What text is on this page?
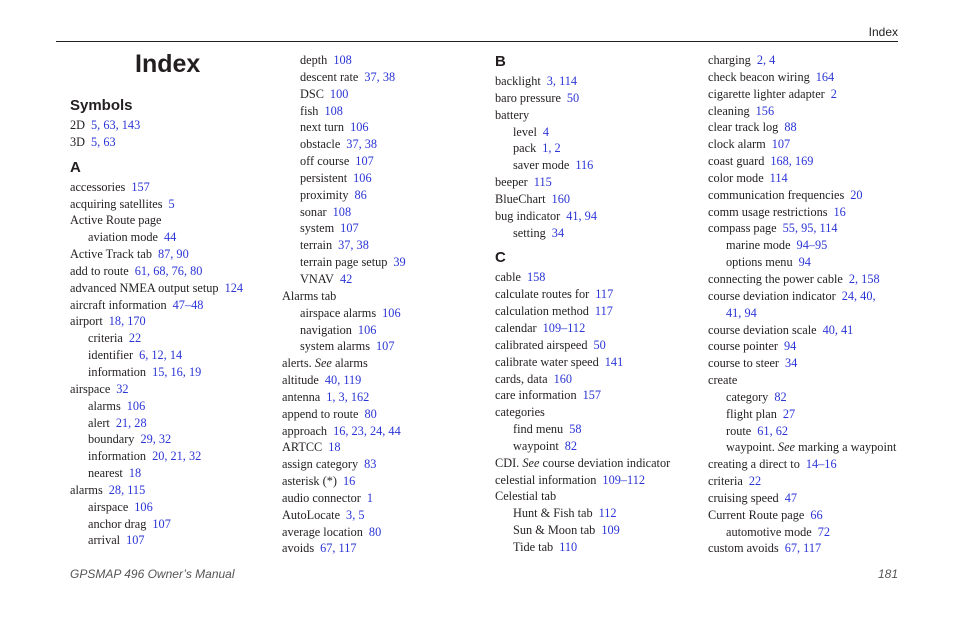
Index
Index
Symbols
2D 5, 63, 143
3D 5, 63
A
accessories 157
acquiring satellites 5
Active Route page
aviation mode 44
Active Track tab 87, 90
add to route 61, 68, 76, 80
advanced NMEA output setup 124
aircraft information 47–48
airport 18, 170
criteria 22
identifier 6, 12, 14
information 15, 16, 19
airspace 32
alarms 106
alert 21, 28
boundary 29, 32
information 20, 21, 32
nearest 18
alarms 28, 115
airspace 106
anchor drag 107
arrival 107
depth 108
descent rate 37, 38
DSC 100
fish 108
next turn 106
obstacle 37, 38
off course 107
persistent 106
proximity 86
sonar 108
system 107
terrain 37, 38
terrain page setup 39
VNAV 42
Alarms tab
airspace alarms 106
navigation 106
system alarms 107
alerts. See alarms
altitude 40, 119
antenna 1, 3, 162
append to route 80
approach 16, 23, 24, 44
ARTCC 18
assign category 83
asterisk (*) 16
audio connector 1
AutoLocate 3, 5
average location 80
avoids 67, 117
B
backlight 3, 114
baro pressure 50
battery
level 4
pack 1, 2
saver mode 116
beeper 115
BlueChart 160
bug indicator 41, 94
setting 34
C
cable 158
calculate routes for 117
calculation method 117
calendar 109–112
calibrated airspeed 50
calibrate water speed 141
cards, data 160
care information 157
categories
find menu 58
waypoint 82
CDI. See course deviation indicator
celestial information 109–112
Celestial tab
Hunt & Fish tab 112
Sun & Moon tab 109
Tide tab 110
charging 2, 4
check beacon wiring 164
cigarette lighter adapter 2
cleaning 156
clear track log 88
clock alarm 107
coast guard 168, 169
color mode 114
communication frequencies 20
comm usage restrictions 16
compass page 55, 95, 114
marine mode 94–95
options menu 94
connecting the power cable 2, 158
course deviation indicator 24, 40,
41, 94
course deviation scale 40, 41
course pointer 94
course to steer 34
create
category 82
flight plan 27
route 61, 62
waypoint. See marking a waypoint
creating a direct to 14–16
criteria 22
cruising speed 47
Current Route page 66
automotive mode 72
custom avoids 67, 117
GPSMAP 496 Owner’s Manual	181
